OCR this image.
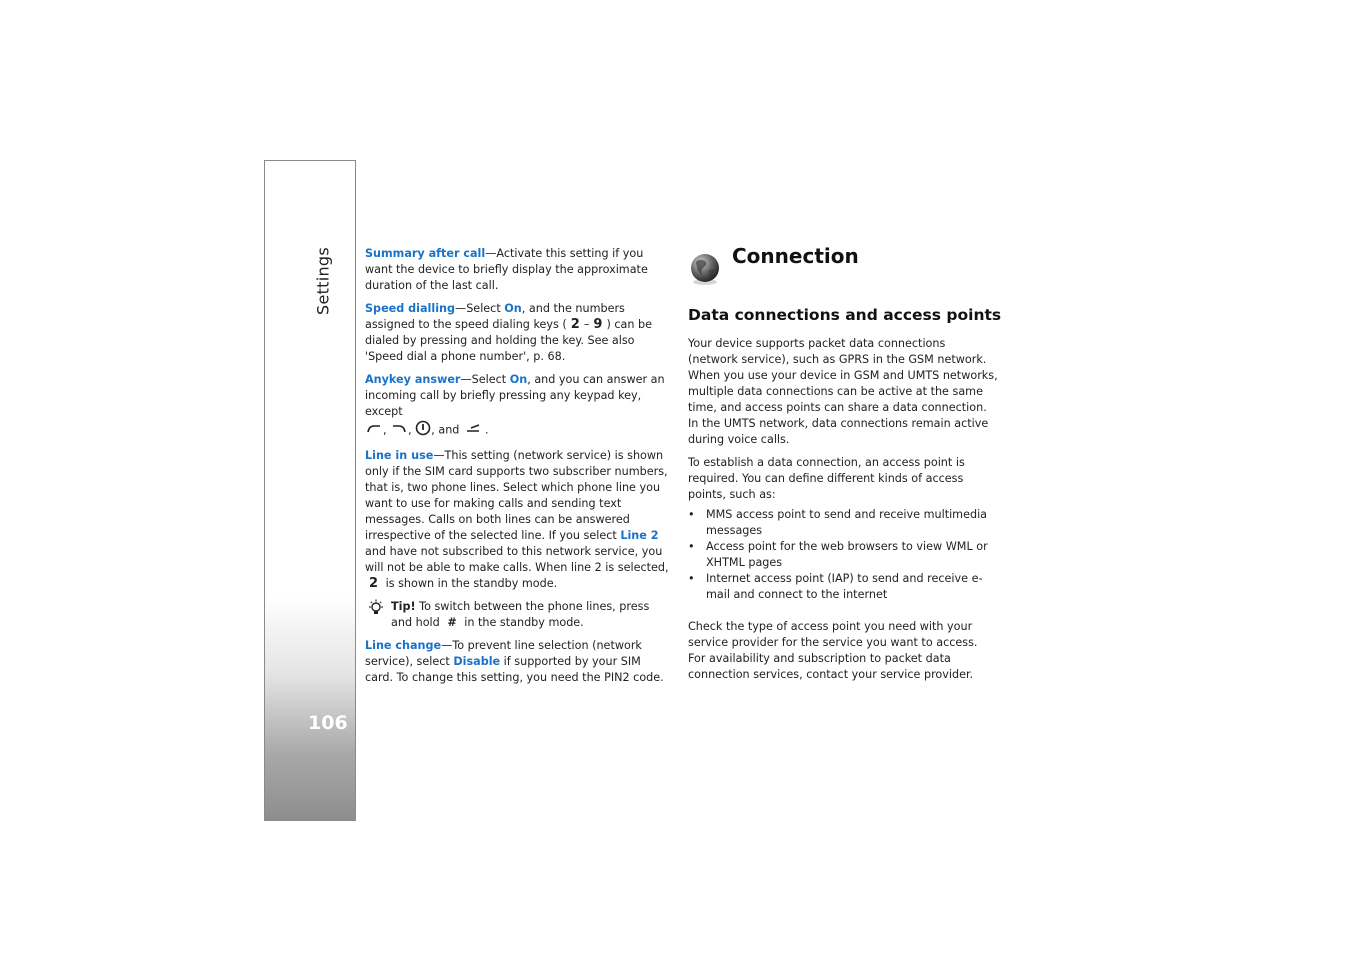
Settings
106

Summary after call—Activate this setting if you want the device to briefly display the approximate duration of the last call.

Speed dialling—Select On, and the numbers assigned to the speed dialing keys ( 2 – 9 ) can be dialed by pressing and holding the key. See also 'Speed dial a phone number', p. 68.

Anykey answer—Select On, and you can answer an incoming call by briefly pressing any keypad key, except
, , , and .

Line in use—This setting (network service) is shown only if the SIM card supports two subscriber numbers, that is, two phone lines. Select which phone line you want to use for making calls and sending text messages. Calls on both lines can be answered irrespective of the selected line. If you select Line 2 and have not subscribed to this network service, you will not be able to make calls. When line 2 is selected, 2 is shown in the standby mode.

Tip! To switch between the phone lines, press and hold # in the standby mode.

Line change—To prevent line selection (network service), select Disable if supported by your SIM card. To change this setting, you need the PIN2 code.

Connection
Data connections and access points

Your device supports packet data connections (network service), such as GPRS in the GSM network. When you use your device in GSM and UMTS networks, multiple data connections can be active at the same time, and access points can share a data connection. In the UMTS network, data connections remain active during voice calls.

To establish a data connection, an access point is required. You can define different kinds of access points, such as:

• MMS access point to send and receive multimedia messages
• Access point for the web browsers to view WML or XHTML pages
• Internet access point (IAP) to send and receive e-mail and connect to the internet

Check the type of access point you need with your service provider for the service you want to access. For availability and subscription to packet data connection services, contact your service provider.
